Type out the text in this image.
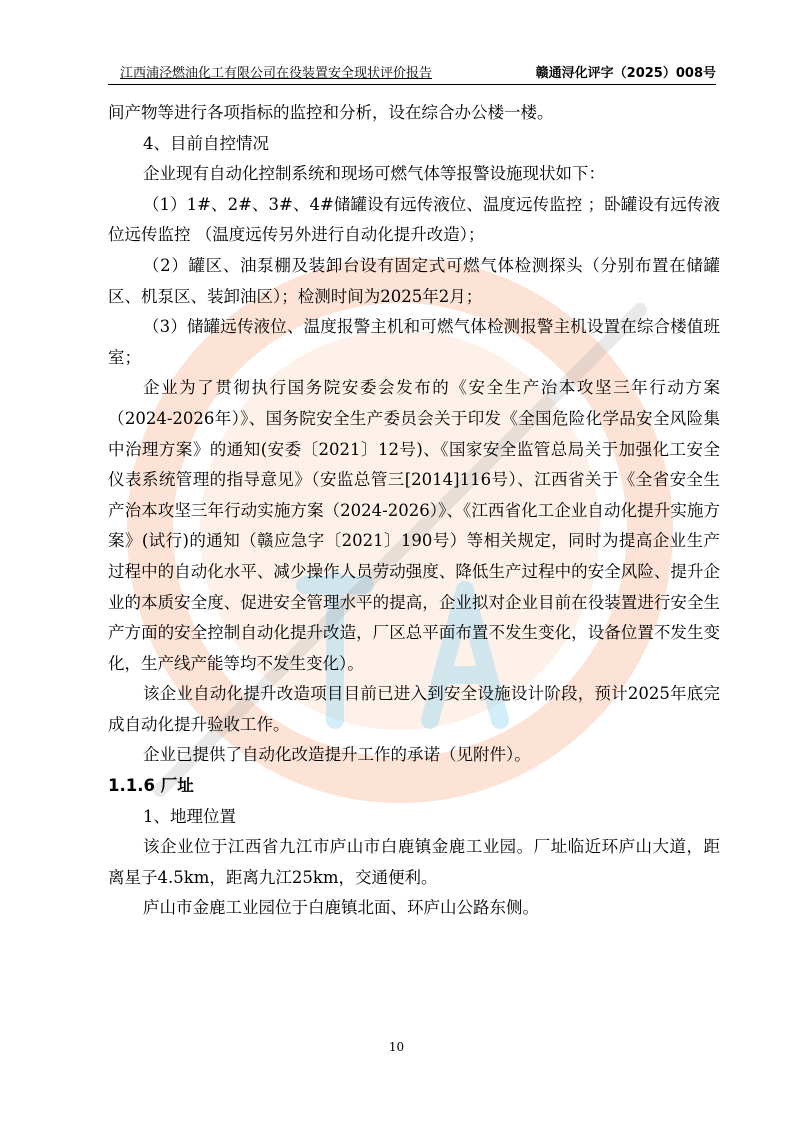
江西浦泾燃油化工有限公司在役装置安全现状评价报告	赣通浔化评字（2025）008号

间产物等进行各项指标的监控和分析，设在综合办公楼一楼。

4、目前自控情况

企业现有自动化控制系统和现场可燃气体等报警设施现状如下：

（1）1#、2#、3#、4#储罐设有远传液位、温度远传监控 ；卧罐设有远传液位远传监控 （温度远传另外进行自动化提升改造）；

（2）罐区、油泵棚及装卸台设有固定式可燃气体检测探头（分别布置在储罐区、机泵区、装卸油区）；检测时间为2025年2月；

（3）储罐远传液位、温度报警主机和可燃气体检测报警主机设置在综合楼值班室；

企业为了贯彻执行国务院安委会发布的《安全生产治本攻坚三年行动方案（2024-2026年）》、国务院安全生产委员会关于印发《全国危险化学品安全风险集中治理方案》的通知(安委〔2021〕12号)、《国家安全监管总局关于加强化工安全仪表系统管理的指导意见》（安监总管三[2014]116号）、江西省关于《全省安全生产治本攻坚三年行动实施方案（2024-2026）》、《江西省化工企业自动化提升实施方案》(试行)的通知（赣应急字〔2021〕190号）等相关规定，同时为提高企业生产过程中的自动化水平、减少操作人员劳动强度、降低生产过程中的安全风险、提升企业的本质安全度、促进安全管理水平的提高，企业拟对企业目前在役装置进行安全生产方面的安全控制自动化提升改造，厂区总平面布置不发生变化，设备位置不发生变化，生产线产能等均不发生变化）。

该企业自动化提升改造项目目前已进入到安全设施设计阶段，预计2025年底完成自动化提升验收工作。

企业已提供了自动化改造提升工作的承诺（见附件）。

1.1.6 厂址

1、地理位置

该企业位于江西省九江市庐山市白鹿镇金鹿工业园。厂址临近环庐山大道，距离星子4.5km，距离九江25km，交通便利。

庐山市金鹿工业园位于白鹿镇北面、环庐山公路东侧。

10
